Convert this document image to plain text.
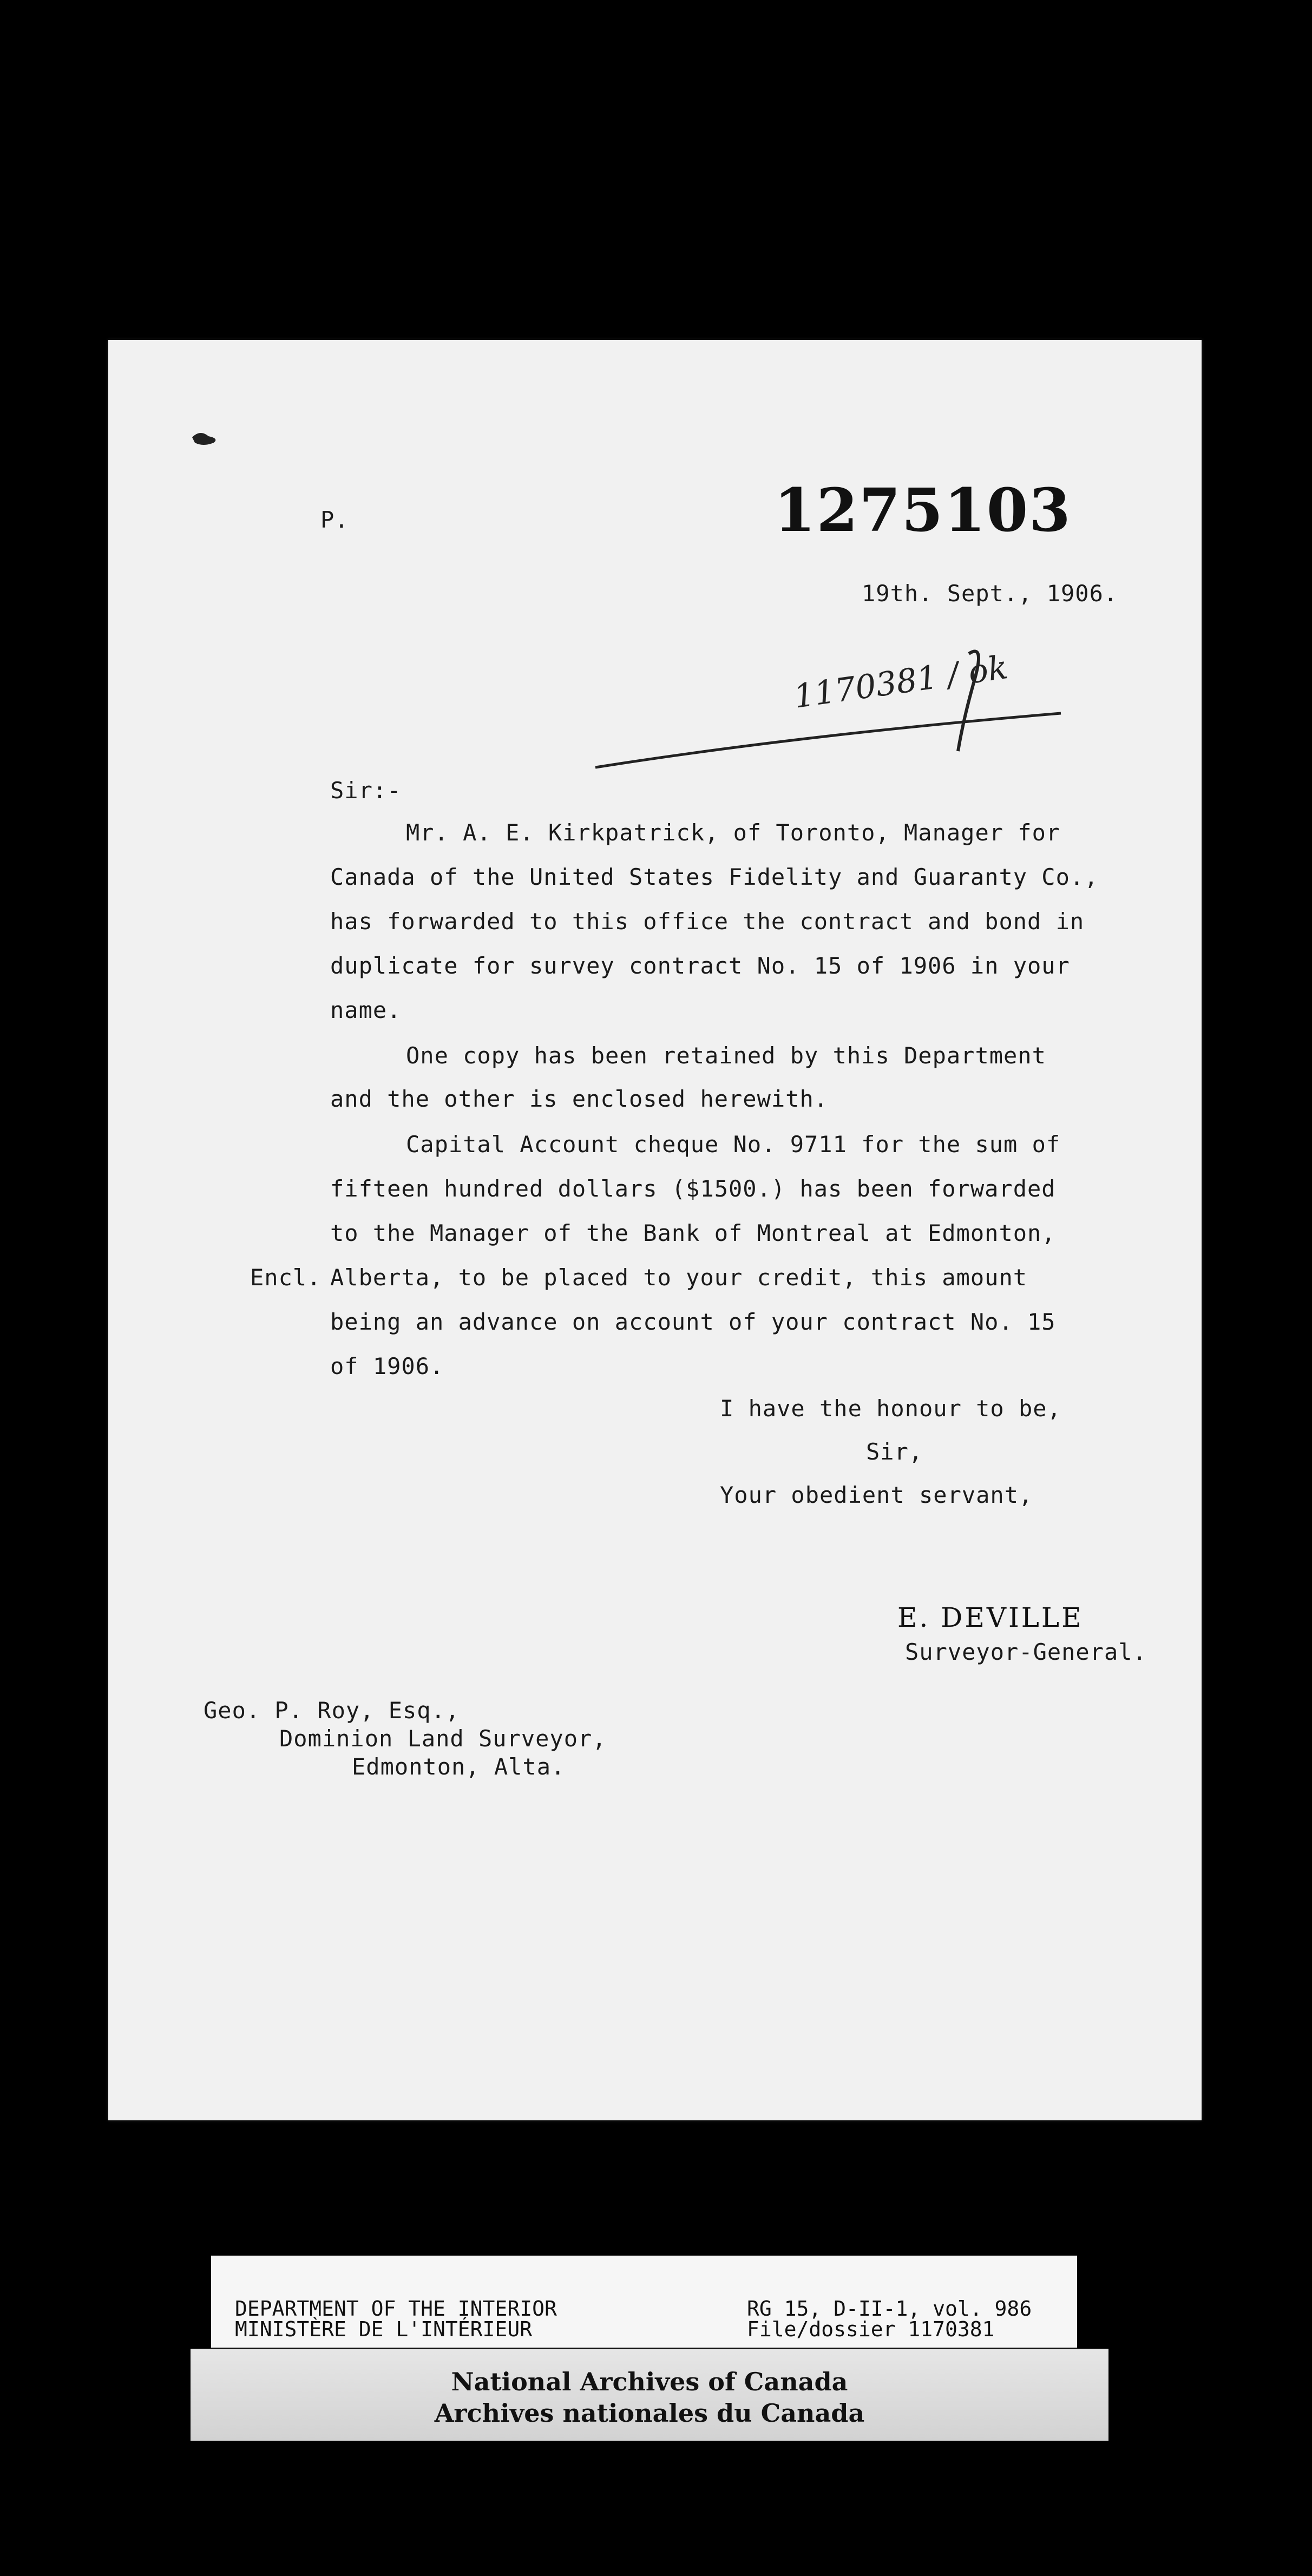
P.	1275103
19th. Sept., 1906.
1170381 / ok
Sir:-
Mr. A. E. Kirkpatrick, of Toronto, Manager for
Canada of the United States Fidelity and Guaranty Co.,
has forwarded to this office the contract and bond in
duplicate for survey contract No. 15 of 1906 in your
name.
One copy has been retained by this Department
and the other is enclosed herewith.
Capital Account cheque No. 9711 for the sum of
fifteen hundred dollars ($1500.) has been forwarded
to the Manager of the Bank of Montreal at Edmonton,
Encl. Alberta, to be placed to your credit, this amount
being an advance on account of your contract No. 15
of 1906.
I have the honour to be,
Sir,
Your obedient servant,
E. DEVILLE
Surveyor-General.
Geo. P. Roy, Esq.,
Dominion Land Surveyor,
Edmonton, Alta.
DEPARTMENT OF THE INTERIOR
MINISTÈRE DE L'INTÉRIEUR
RG 15, D-II-1, vol. 986
File/dossier 1170381
National Archives of Canada
Archives nationales du Canada
